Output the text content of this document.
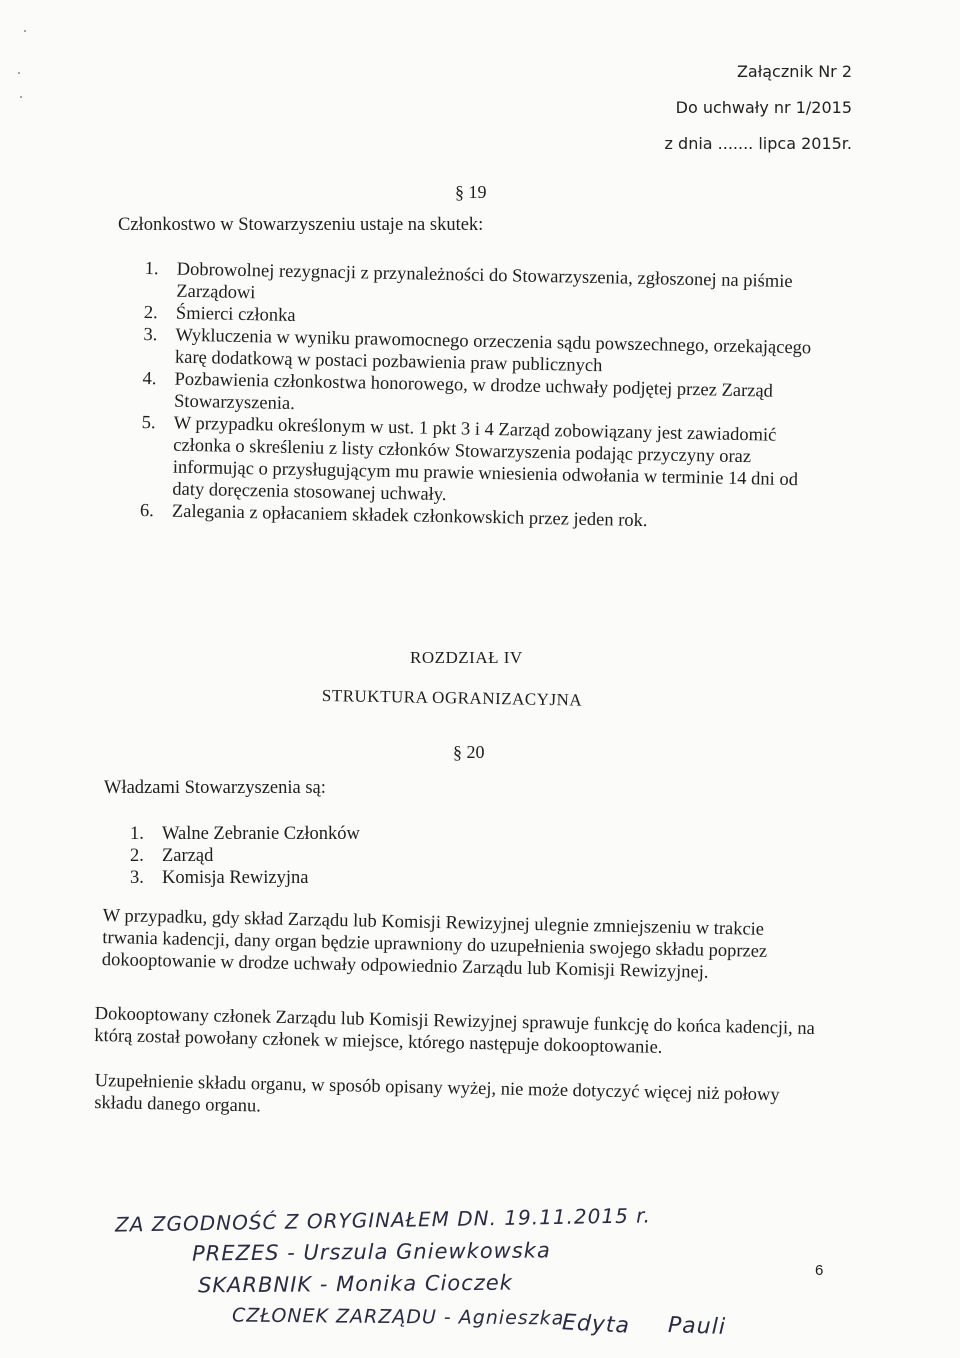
Załącznik Nr 2
Do uchwały nr 1/2015
z dnia ....... lipca 2015r.
§ 19
Członkostwo w Stowarzyszeniu ustaje na skutek:
1. Dobrowolnej rezygnacji z przynależności do Stowarzyszenia, zgłoszonej na piśmie Zarządowi
2. Śmierci członka
3. Wykluczenia w wyniku prawomocnego orzeczenia sądu powszechnego, orzekającego karę dodatkową w postaci pozbawienia praw publicznych
4. Pozbawienia członkostwa honorowego, w drodze uchwały podjętej przez Zarząd Stowarzyszenia.
5. W przypadku określonym w ust. 1 pkt 3 i 4 Zarząd zobowiązany jest zawiadomić członka o skreśleniu z listy członków Stowarzyszenia podając przyczyny oraz informując o przysługującym mu prawie wniesienia odwołania w terminie 14 dni od daty doręczenia stosowanej uchwały.
6. Zalegania z opłacaniem składek członkowskich przez jeden rok.
ROZDZIAŁ IV
STRUKTURA OGRANIZACYJNA
§ 20
Władzami Stowarzyszenia są:
1. Walne Zebranie Członków
2. Zarząd
3. Komisja Rewizyjna
W przypadku, gdy skład Zarządu lub Komisji Rewizyjnej ulegnie zmniejszeniu w trakcie trwania kadencji, dany organ będzie uprawniony do uzupełnienia swojego składu poprzez dokooptowanie w drodze uchwały odpowiednio Zarządu lub Komisji Rewizyjnej.
Dokooptowany członek Zarządu lub Komisji Rewizyjnej sprawuje funkcję do końca kadencji, na którą został powołany członek w miejsce, którego następuje dokooptowanie.
Uzupełnienie składu organu, w sposób opisany wyżej, nie może dotyczyć więcej niż połowy składu danego organu.
ZA ZGODNOŚĆ Z ORYGINAŁEM DN. 19.11.2015 r.
PREZES - Urszula Gniewkowska
SKARBNIK - Monika Cioczek
CZŁONEK ZARZĄDU - Agnieszka
Edyta Pauli
6
